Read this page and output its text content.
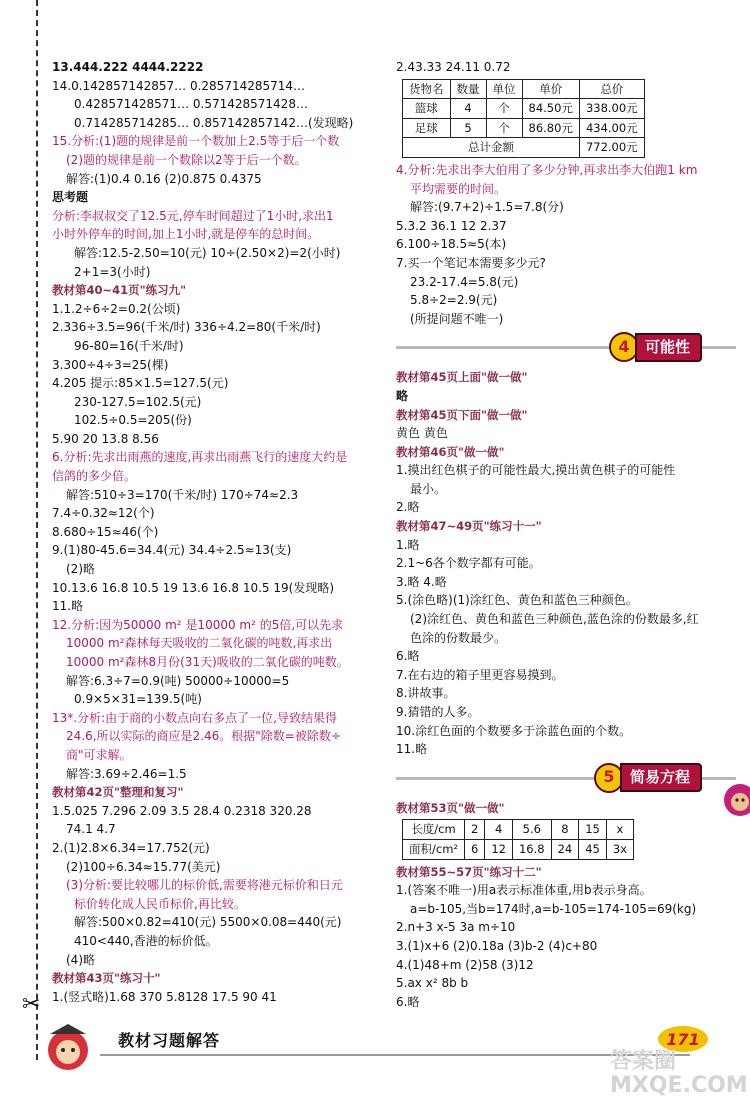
✂
13.444.222 4444.2222
14.0.142857142857… 0.285714285714…
0.428571428571… 0.571428571428…
0.714285714285… 0.857142857142…(发现略)
15.分析:(1)题的规律是前一个数加上2.5等于后一个数
(2)题的规律是前一个数除以2等于后一个数。
解答:(1)0.4 0.16 (2)0.875 0.4375
思考题
分析:李叔叔交了12.5元,停车时间超过了1小时,求出1
小时外停车的时间,加上1小时,就是停车的总时间。
解答:12.5-2.50=10(元) 10÷(2.50×2)=2(小时)
2+1=3(小时)
教材第40~41页"练习九"
1.1.2÷6÷2=0.2(公顷)
2.336÷3.5=96(千米/时) 336÷4.2=80(千米/时)
96-80=16(千米/时)
3.300÷4÷3=25(棵)
4.205 提示:85×1.5=127.5(元)
230-127.5=102.5(元)
102.5÷0.5=205(份)
5.90 20 13.8 8.56
6.分析:先求出雨燕的速度,再求出雨燕飞行的速度大约是
信鸽的多少倍。
解答:510÷3=170(千米/时) 170÷74≈2.3
7.4÷0.32≈12(个)
8.680÷15≈46(个)
9.(1)80-45.6=34.4(元) 34.4÷2.5≈13(支)
(2)略
10.13.6 16.8 10.5 19 13.6 16.8 10.5 19(发现略)
11.略
12.分析:因为50000 m² 是10000 m² 的5倍,可以先求
10000 m²森林每天吸收的二氧化碳的吨数,再求出
10000 m²森林8月份(31天)吸收的二氧化碳的吨数。
解答:6.3÷7=0.9(吨) 50000÷10000=5
0.9×5×31=139.5(吨)
13*.分析:由于商的小数点向右多点了一位,导致结果得
24.6,所以实际的商应是2.46。根据"除数=被除数÷
商"可求解。
解答:3.69÷2.46=1.5
教材第42页"整理和复习"
1.5.025 7.296 2.09 3.5 28.4 0.2318 320.28
74.1 4.7
2.(1)2.8×6.34=17.752(元)
(2)100÷6.34≈15.77(美元)
(3)分析:要比较哪儿的标价低,需要将港元标价和日元
标价转化成人民币标价,再比较。
解答:500×0.82=410(元) 5500×0.08=440(元)
410<440,香港的标价低。
(4)略
教材第43页"练习十"
1.(竖式略)1.68 370 5.8128 17.5 90 41
2.43.33 24.11 0.72
货物名	数量	单位	单价	总价
篮球	4	个	84.50元	338.00元
足球	5	个	86.80元	434.00元
总计金额				772.00元
4.分析:先求出李大伯用了多少分钟,再求出李大伯跑1 km
平均需要的时间。
解答:(9.7+2)÷1.5=7.8(分)
5.3.2 36.1 12 2.37
6.100÷18.5≈5(本)
7.买一个笔记本需要多少元?
23.2-17.4=5.8(元)
5.8÷2=2.9(元)
(所提问题不唯一)
4	可能性
教材第45页上面"做一做"
略
教材第45页下面"做一做"
黄色 黄色
教材第46页"做一做"
1.摸出红色棋子的可能性最大,摸出黄色棋子的可能性
最小。
2.略
教材第47~49页"练习十一"
1.略
2.1~6各个数字都有可能。
3.略 4.略
5.(涂色略)(1)涂红色、黄色和蓝色三种颜色。
(2)涂红色、黄色和蓝色三种颜色,蓝色涂的份数最多,红
色涂的份数最少。
6.略
7.在右边的箱子里更容易摸到。
8.讲故事。
9.猜错的人多。
10.涂红色面的个数要多于涂蓝色面的个数。
11.略
5	简易方程
教材第53页"做一做"
长度/cm	2	4	5.6	8	15	x
面积/cm²	6	12	16.8	24	45	3x
教材第55~57页"练习十二"
1.(答案不唯一)用a表示标准体重,用b表示身高。
a=b-105,当b=174时,a=b-105=174-105=69(kg)
2.n+3 x-5 3a m÷10
3.(1)x+6 (2)0.18a (3)b-2 (4)c+80
4.(1)48+m (2)58 (3)12
5.ax x² 8b b
6.略
教材习题解答	171
答案圈 MXQE.COM
